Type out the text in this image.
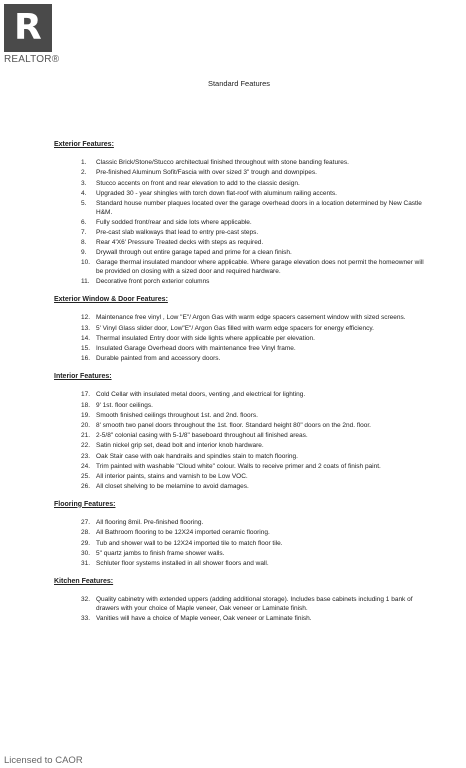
R
REALTOR®
Standard Features
Exterior Features:
1. Classic Brick/Stone/Stucco architectual finished throughout with stone banding features.
2. Pre-finished Aluminum Sofit/Fascia with over sized 3" trough and downpipes.
3. Stucco accents on front and rear elevation to add to the classic design.
4. Upgraded 30 - year shingles with torch down flat-roof with aluminum railing accents.
5. Standard house number plaques located over the garage overhead doors in a location determined by New Castle H&M.
6. Fully sodded front/rear and side lots where applicable.
7. Pre-cast slab walkways that lead to entry pre-cast steps.
8. Rear 4'X6' Pressure Treated decks with steps as required.
9. Drywall through out entire garage taped and prime for a clean finish.
10. Garage thermal insulated mandoor where applicable. Where garage elevation does not permit the homeowner will be provided on closing with a sized door and required hardware.
11. Decorative front porch exterior columns
Exterior Window & Door Features:
12. Maintenance free vinyl , Low "E"/ Argon Gas with warm edge spacers casement window with sized screens.
13. 5' Vinyl Glass slider door, Low"E"/ Argon Gas filled with warm edge spacers for energy efficiency.
14. Thermal insulated Entry door with side lights where applicable per elevation.
15. Insulated Garage Overhead doors with maintenance free Vinyl frame.
16. Durable painted from and accessory doors.
Interior Features:
17. Cold Cellar with insulated metal doors, venting ,and electrical for lighting.
18. 9' 1st. floor ceilings.
19. Smooth finished ceilings throughout 1st. and 2nd. floors.
20. 8' smooth two panel doors throughout the 1st. floor. Standard height 80" doors on the 2nd. floor.
21. 2-5/8" colonial casing with 5-1/8" baseboard throughout all finished areas.
22. Satin nickel grip set, dead bolt and interior knob hardware.
23. Oak Stair case with oak handrails and spindles stain to match flooring.
24. Trim painted with washable "Cloud white" colour. Walls to receive primer and 2 coats of finish paint.
25. All interior paints, stains and varnish to be Low VOC.
26. All closet shelving to be melamine to avoid damages.
Flooring Features:
27. All flooring 8mil. Pre-finished flooring.
28. All Bathroom flooring to be 12X24 imported ceramic flooring.
29. Tub and shower wall to be 12X24 imported tile to match floor tile.
30. 5" quartz jambs to finish frame shower walls.
31. Schluter floor systems installed in all shower floors and wall.
Kitchen Features:
32. Quality cabinetry with extended uppers (adding additional storage). Includes base cabinets including 1 bank of drawers with your choice of Maple veneer, Oak veneer or Laminate finish.
33. Vanities will have a choice of Maple veneer, Oak veneer or Laminate finish.
Licensed to CAOR
